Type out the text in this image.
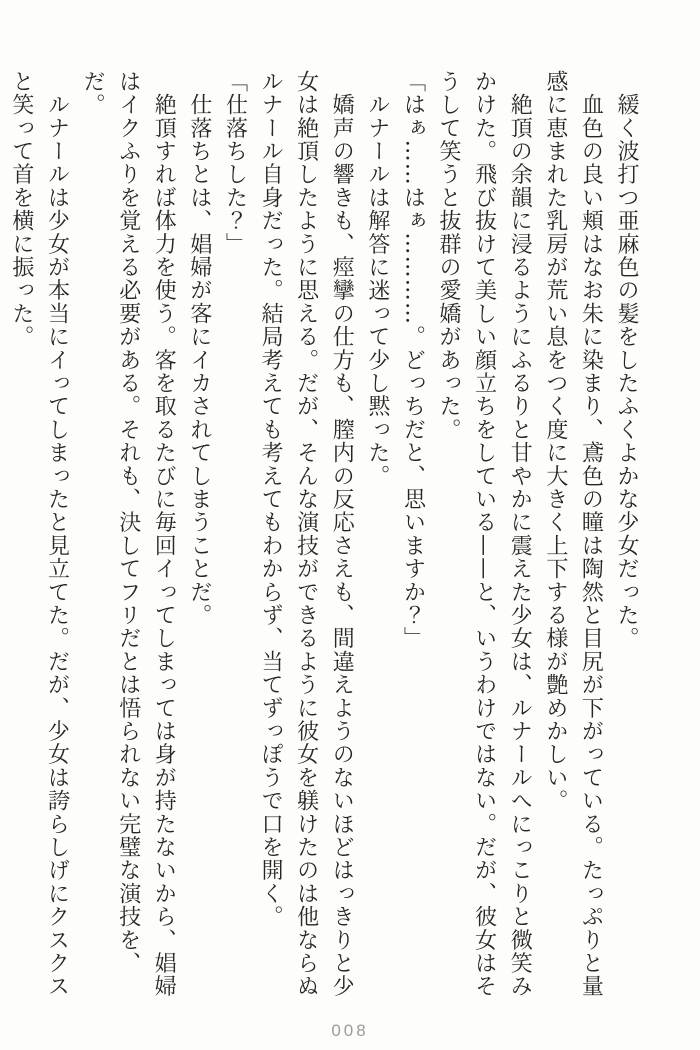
　緩く波打つ亜麻色の髪をしたふくよかな少女だった。

　血色の良い頬はなお朱に染まり、鳶色の瞳は陶然と目尻が下がっている。たっぷりと量感に恵まれた乳房が荒い息をつく度に大きく上下する様が艶めかしい。

　絶頂の余韻に浸るようにふるりと甘やかに震えた少女は、ルナールへにっこりと微笑みかけた。飛び抜けて美しい顔立ちをしている——と、いうわけではない。だが、彼女はそうして笑うと抜群の愛嬌があった。

「はぁ……はぁ…………。どっちだと、思いますか？」

　ルナールは解答に迷って少し黙った。

　嬌声の響きも、痙攣の仕方も、膣内の反応さえも、間違えようのないほどはっきりと少女は絶頂したように思える。だが、そんな演技ができるように彼女を躾けたのは他ならぬルナール自身だった。結局考えても考えてもわからず、当てずっぽうで口を開く。

「仕落ちした？」

　仕落ちとは、娼婦が客にイカされてしまうことだ。

　絶頂すれば体力を使う。客を取るたびに毎回イってしまっては身が持たないから、娼婦はイクふりを覚える必要がある。それも、決してフリだとは悟られない完璧な演技を、だ。

　ルナールは少女が本当にイってしまったと見立てた。だが、少女は誇らしげにクスクスと笑って首を横に振った。

008
